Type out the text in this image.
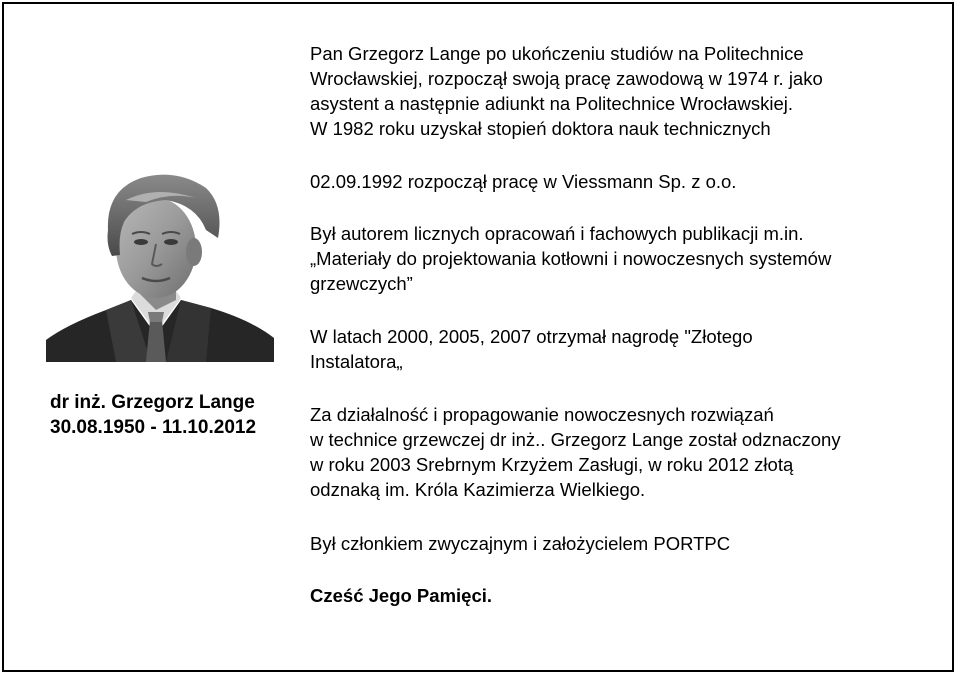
dr inż. Grzegorz Lange
30.08.1950 - 11.10.2012

Pan Grzegorz Lange po ukończeniu studiów na Politechnice
Wrocławskiej, rozpoczął swoją pracę zawodową w 1974 r. jako
asystent a następnie adiunkt na Politechnice Wrocławskiej.
W 1982 roku uzyskał stopień doktora nauk technicznych

02.09.1992 rozpoczął pracę w Viessmann Sp. z o.o.

Był autorem licznych opracowań i fachowych publikacji m.in.
„Materiały do projektowania kotłowni i nowoczesnych systemów
grzewczych”

W latach 2000, 2005, 2007 otrzymał nagrodę "Złotego
Instalatora„

Za działalność i propagowanie nowoczesnych rozwiązań
w technice grzewczej dr inż.. Grzegorz Lange został odznaczony
w roku 2003 Srebrnym Krzyżem Zasługi, w roku 2012 złotą
odznaką im. Króla Kazimierza Wielkiego.

Był członkiem zwyczajnym i założycielem PORTPC

Cześć Jego Pamięci.
